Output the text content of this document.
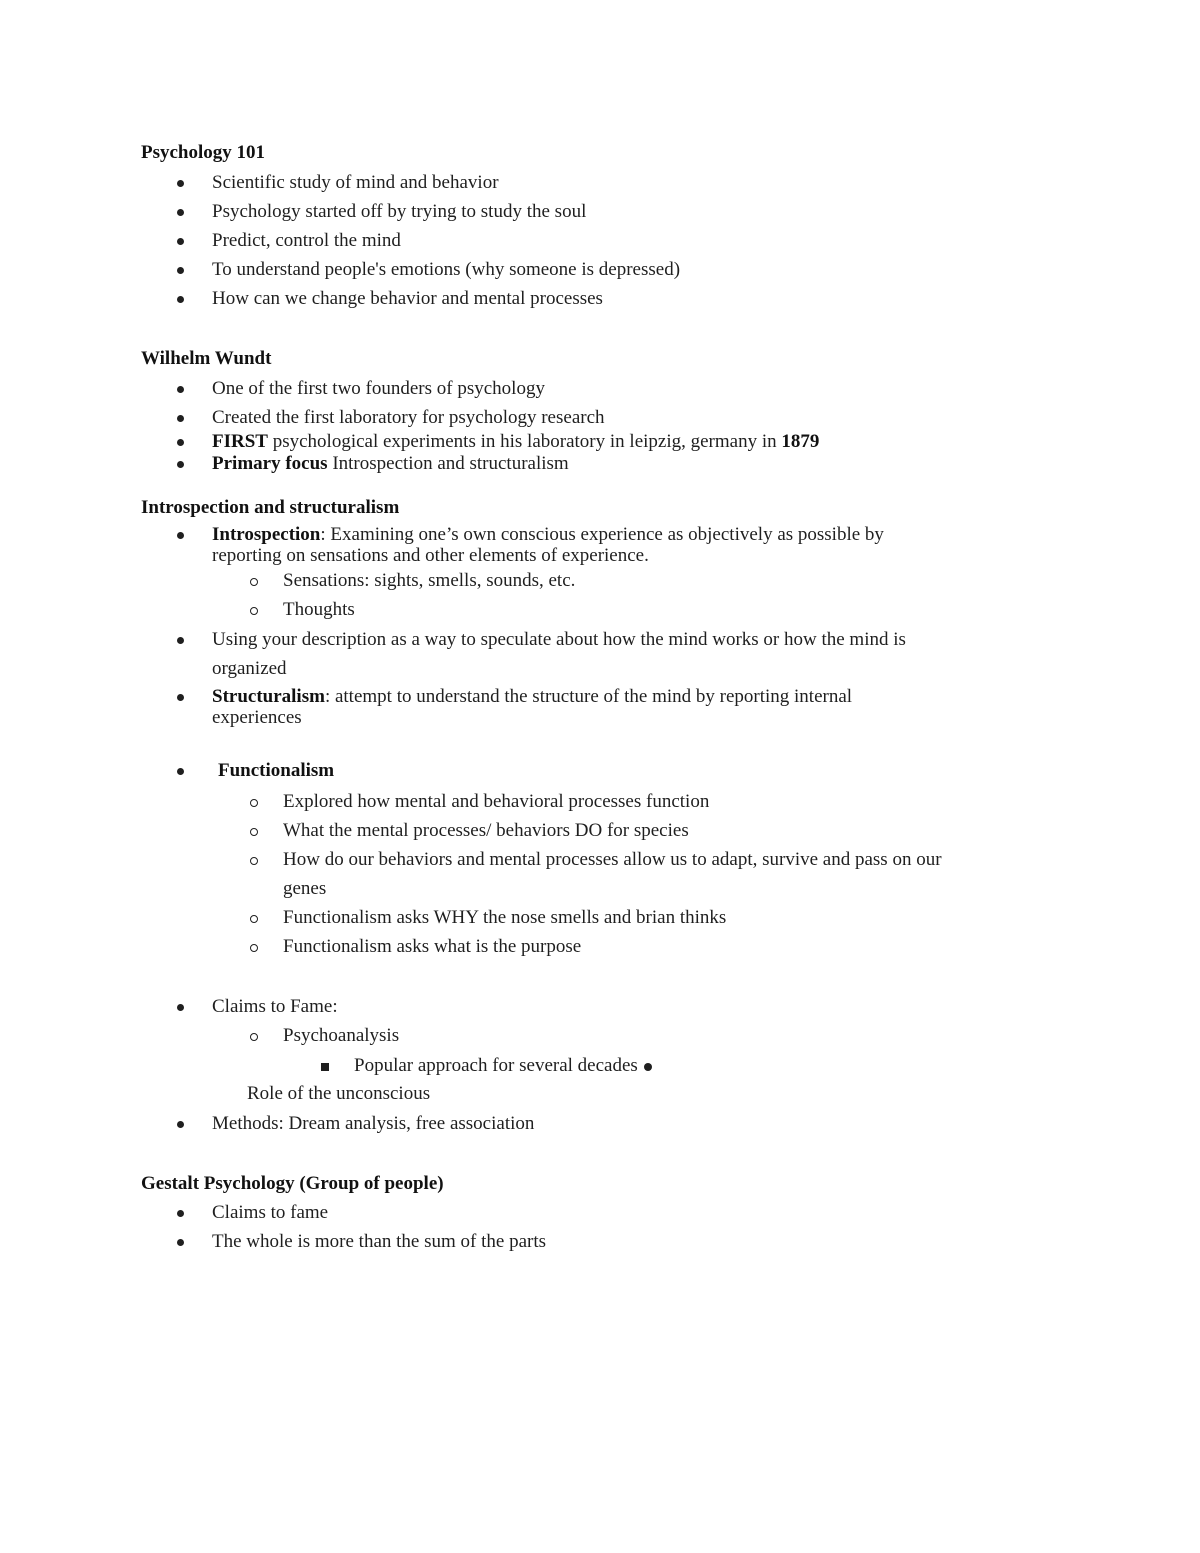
Psychology 101
Scientific study of mind and behavior
Psychology started off by trying to study the soul
Predict, control the mind
To understand people's emotions (why someone is depressed)
How can we change behavior and mental processes
Wilhelm Wundt
One of the first two founders of psychology
Created the first laboratory for psychology research
FIRST psychological experiments in his laboratory in leipzig, germany in 1879
Primary focus Introspection and structuralism
Introspection and structuralism
Introspection: Examining one’s own conscious experience as objectively as possible by
reporting on sensations and other elements of experience.
Sensations: sights, smells, sounds, etc.
Thoughts
Using your description as a way to speculate about how the mind works or how the mind is
organized
Structuralism: attempt to understand the structure of the mind by reporting internal
experiences
Functionalism
Explored how mental and behavioral processes function
What the mental processes/ behaviors DO for species
How do our behaviors and mental processes allow us to adapt, survive and pass on our
genes
Functionalism asks WHY the nose smells and brian thinks
Functionalism asks what is the purpose
Claims to Fame:
Psychoanalysis
Popular approach for several decades
Role of the unconscious
Methods: Dream analysis, free association
Gestalt Psychology (Group of people)
Claims to fame
The whole is more than the sum of the parts
